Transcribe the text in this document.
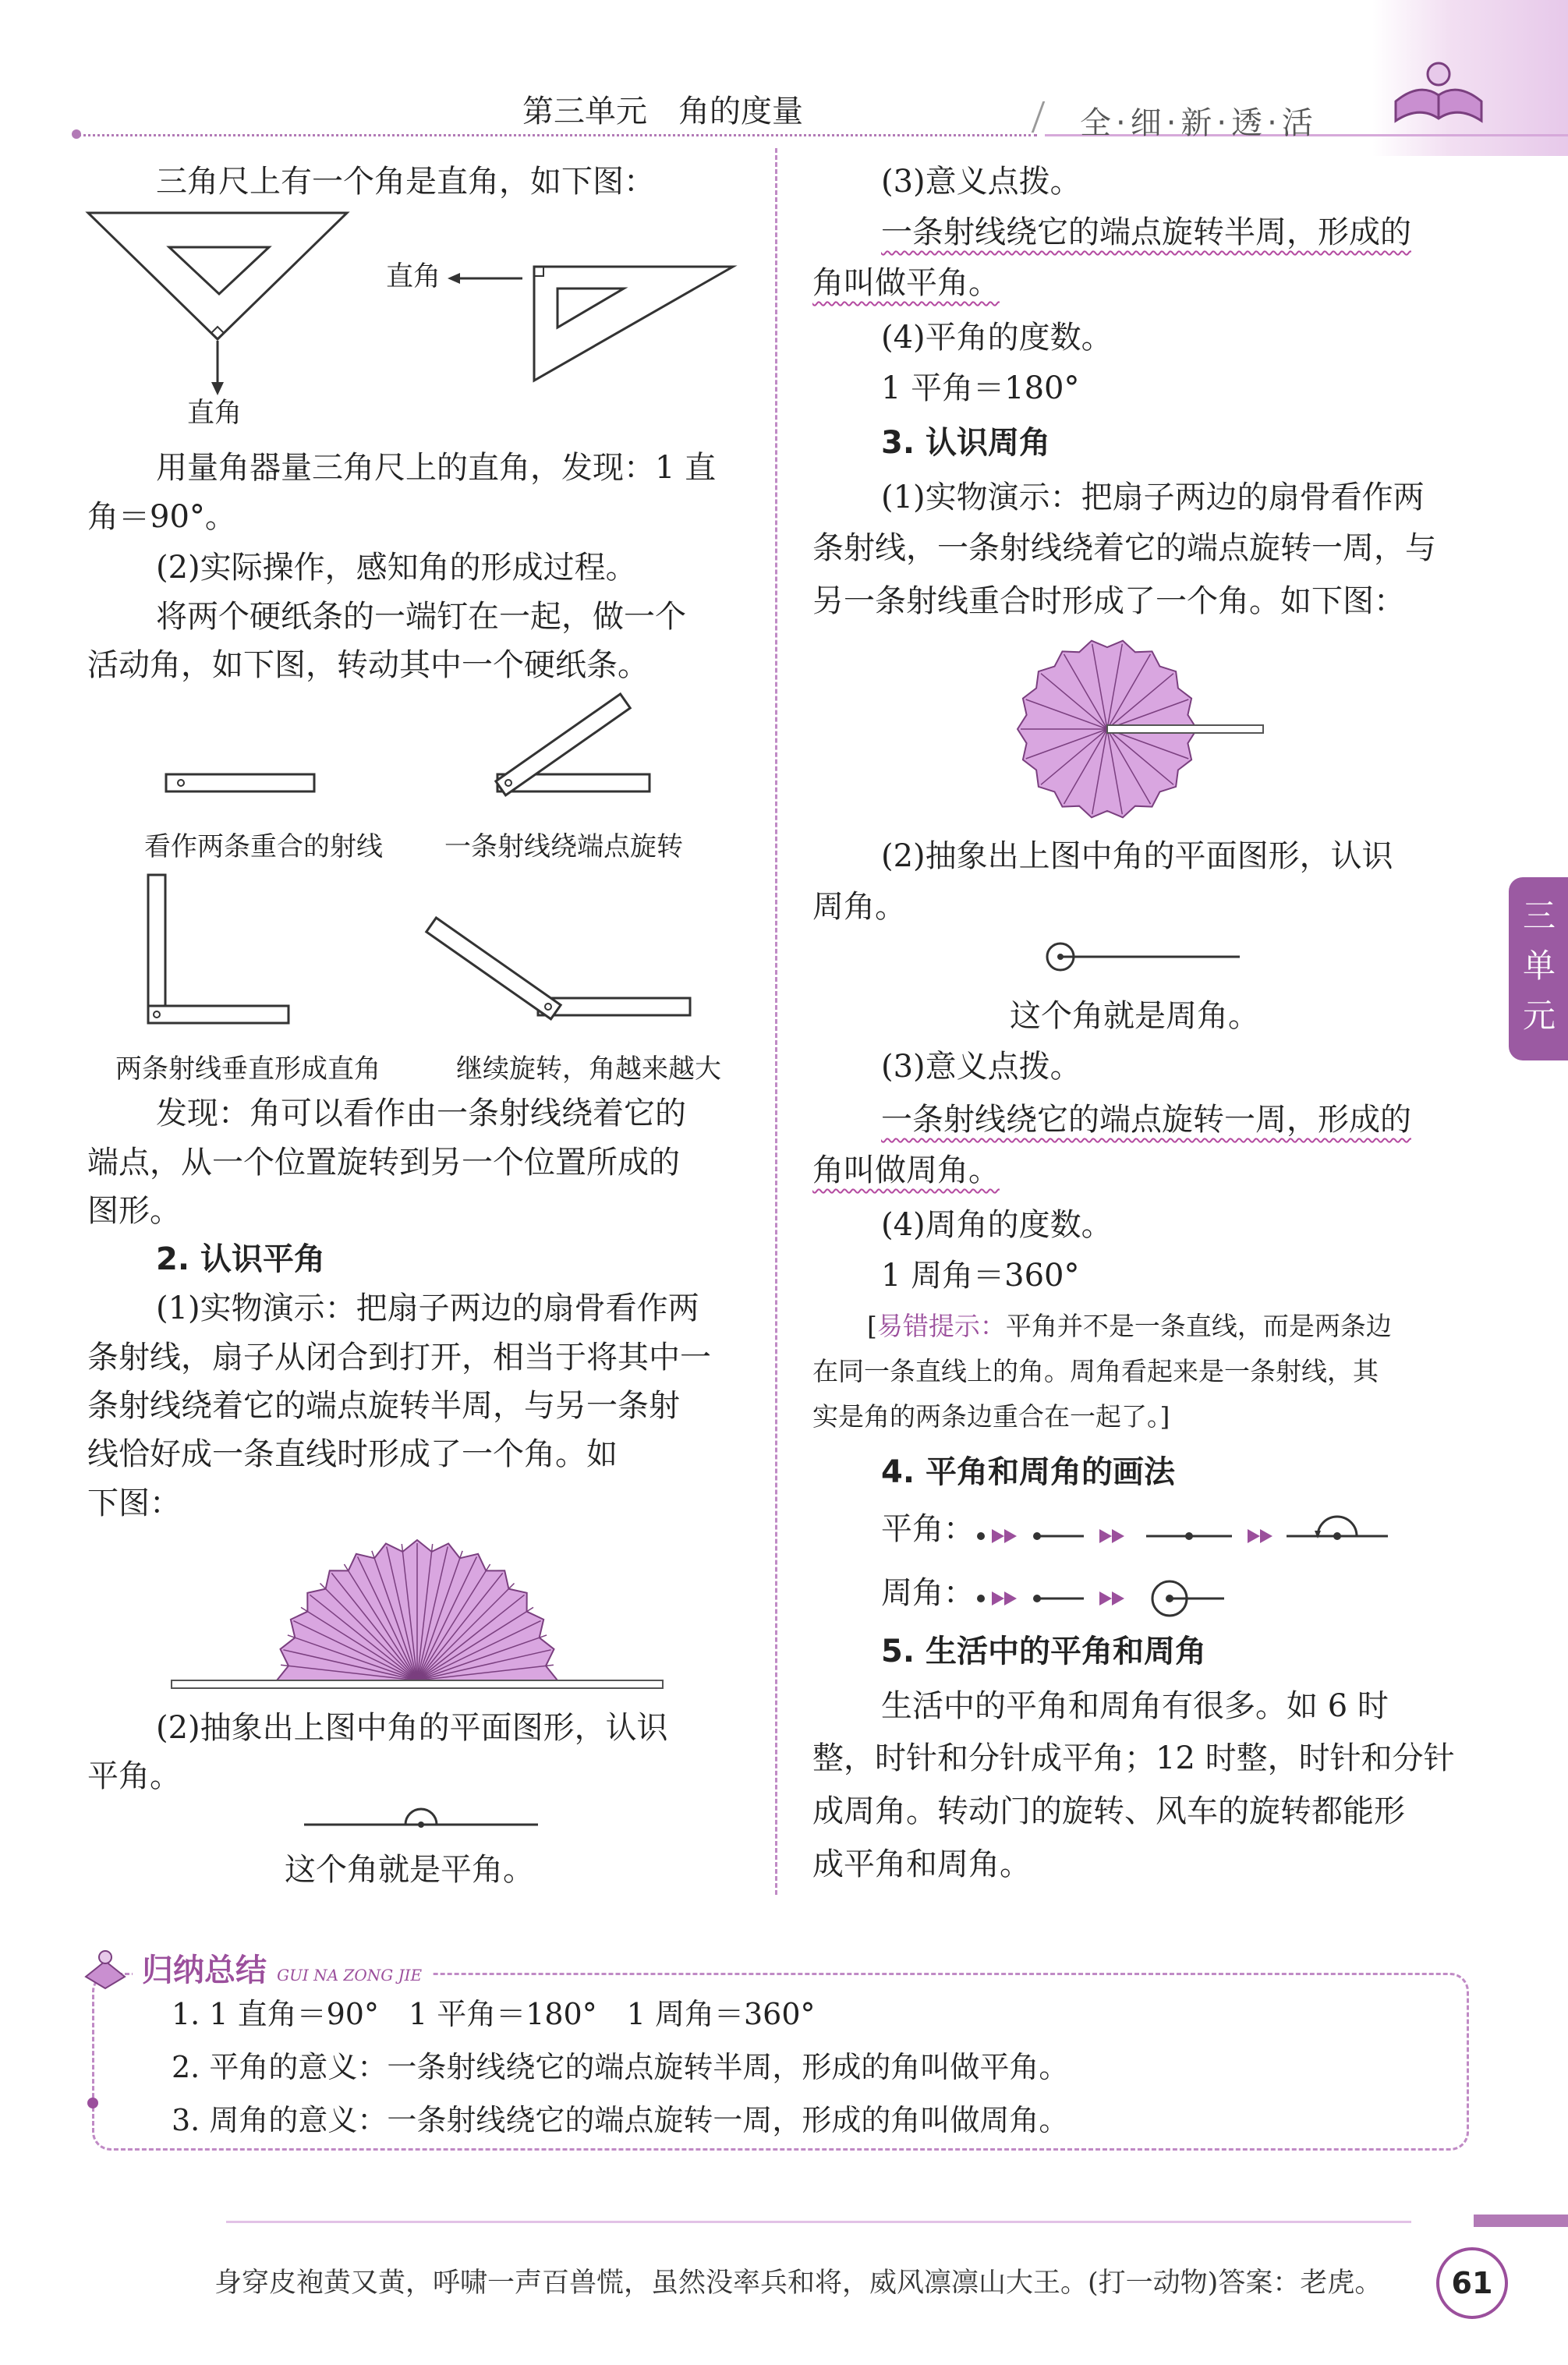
第三单元　角的度量	全·细·新·透·活
三单元
三角尺上有一个角是直角，如下图：
直角
直角
用量角器量三角尺上的直角，发现：1 直
角＝90°。
(2)实际操作，感知角的形成过程。
将两个硬纸条的一端钉在一起，做一个
活动角，如下图，转动其中一个硬纸条。
看作两条重合的射线 一条射线绕端点旋转
两条射线垂直形成直角	继续旋转，角越来越大
发现：角可以看作由一条射线绕着它的
端点，从一个位置旋转到另一个位置所成的
图形。
2. 认识平角
(1)实物演示：把扇子两边的扇骨看作两
条射线，扇子从闭合到打开，相当于将其中一
条射线绕着它的端点旋转半周，与另一条射
线恰好成一条直线时形成了一个角。如
下图：
(2)抽象出上图中角的平面图形，认识
平角。
这个角就是平角。
(3)意义点拨。
一条射线绕它的端点旋转半周，形成的
角叫做平角。
(4)平角的度数。
1 平角＝180°
3. 认识周角
(1)实物演示：把扇子两边的扇骨看作两
条射线，一条射线绕着它的端点旋转一周，与
另一条射线重合时形成了一个角。如下图：
(2)抽象出上图中角的平面图形，认识
周角。
这个角就是周角。
(3)意义点拨。
一条射线绕它的端点旋转一周，形成的
角叫做周角。
(4)周角的度数。
1 周角＝360°
[易错提示：平角并不是一条直线，而是两条边
在同一条直线上的角。周角看起来是一条射线，其
实是角的两条边重合在一起了。]
4. 平角和周角的画法
平角：
周角：
5. 生活中的平角和周角
生活中的平角和周角有很多。如 6 时
整，时针和分针成平角；12 时整，时针和分针
成周角。转动门的旋转、风车的旋转都能形
成平角和周角。
归纳总结 GUI NA ZONG JIE
1. 1 直角＝90°　1 平角＝180°　1 周角＝360°
2. 平角的意义：一条射线绕它的端点旋转半周，形成的角叫做平角。
3. 周角的意义：一条射线绕它的端点旋转一周，形成的角叫做周角。
身穿皮袍黄又黄，呼啸一声百兽慌，虽然没率兵和将，威风凛凛山大王。(打一动物)答案：老虎。	61
